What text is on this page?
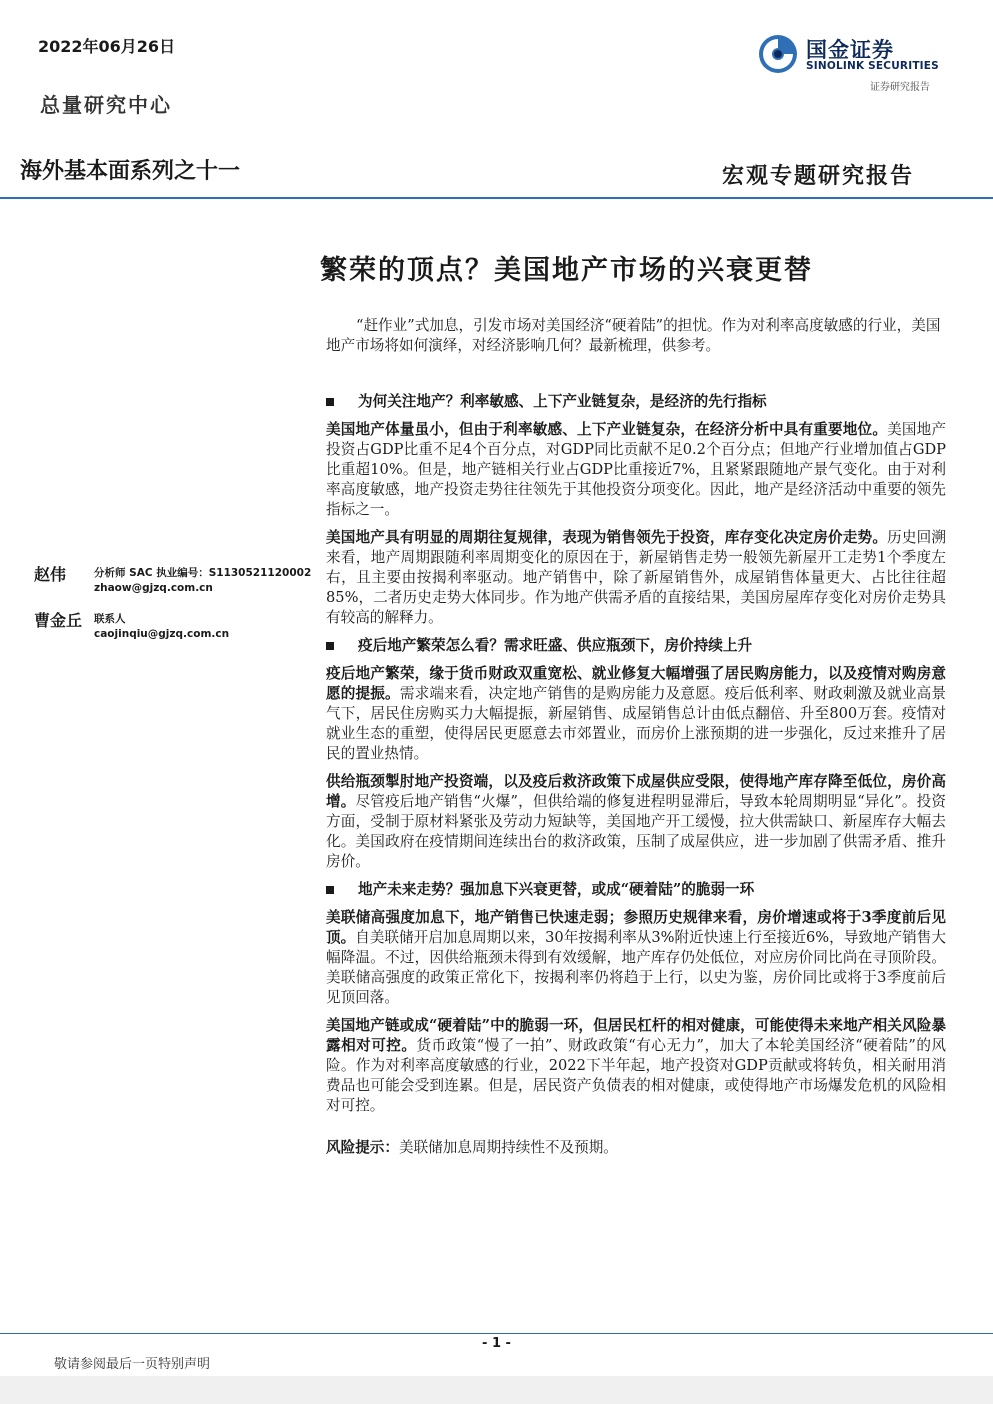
2022年06月26日
总量研究中心
海外基本面系列之十一	宏观专题研究报告
国金证券
SINOLINK SECURITIES
证券研究报告
繁荣的顶点？美国地产市场的兴衰更替
赵伟	分析师 SAC 执业编号：S1130521120002
zhaow@gjzq.com.cn
曹金丘	联系人
caojinqiu@gjzq.com.cn

“赶作业”式加息，引发市场对美国经济“硬着陆”的担忧。作为对利率高度敏感的行业，美国地产市场将如何演绎，对经济影响几何？最新梳理，供参考。

为何关注地产？利率敏感、上下产业链复杂，是经济的先行指标

美国地产体量虽小，但由于利率敏感、上下产业链复杂，在经济分析中具有重要地位。美国地产投资占GDP比重不足4个百分点，对GDP同比贡献不足0.2个百分点；但地产行业增加值占GDP比重超10%。但是，地产链相关行业占GDP比重接近7%，且紧紧跟随地产景气变化。由于对利率高度敏感，地产投资走势往往领先于其他投资分项变化。因此，地产是经济活动中重要的领先指标之一。

美国地产具有明显的周期往复规律，表现为销售领先于投资，库存变化决定房价走势。历史回溯来看，地产周期跟随利率周期变化的原因在于，新屋销售走势一般领先新屋开工走势1个季度左右，且主要由按揭利率驱动。地产销售中，除了新屋销售外，成屋销售体量更大、占比往往超85%，二者历史走势大体同步。作为地产供需矛盾的直接结果，美国房屋库存变化对房价走势具有较高的解释力。

疫后地产繁荣怎么看？需求旺盛、供应瓶颈下，房价持续上升

疫后地产繁荣，缘于货币财政双重宽松、就业修复大幅增强了居民购房能力，以及疫情对购房意愿的提振。需求端来看，决定地产销售的是购房能力及意愿。疫后低利率、财政刺激及就业高景气下，居民住房购买力大幅提振，新屋销售、成屋销售总计由低点翻倍、升至800万套。疫情对就业生态的重塑，使得居民更愿意去市郊置业，而房价上涨预期的进一步强化，反过来推升了居民的置业热情。

供给瓶颈掣肘地产投资端，以及疫后救济政策下成屋供应受限，使得地产库存降至低位，房价高增。尽管疫后地产销售“火爆”，但供给端的修复进程明显滞后，导致本轮周期明显“异化”。投资方面，受制于原材料紧张及劳动力短缺等，美国地产开工缓慢，拉大供需缺口、新屋库存大幅去化。美国政府在疫情期间连续出台的救济政策，压制了成屋供应，进一步加剧了供需矛盾、推升房价。

地产未来走势？强加息下兴衰更替，或成“硬着陆”的脆弱一环

美联储高强度加息下，地产销售已快速走弱；参照历史规律来看，房价增速或将于3季度前后见顶。自美联储开启加息周期以来，30年按揭利率从3%附近快速上行至接近6%，导致地产销售大幅降温。不过，因供给瓶颈未得到有效缓解，地产库存仍处低位，对应房价同比尚在寻顶阶段。美联储高强度的政策正常化下，按揭利率仍将趋于上行，以史为鉴，房价同比或将于3季度前后见顶回落。

美国地产链或成“硬着陆”中的脆弱一环，但居民杠杆的相对健康，可能使得未来地产相关风险暴露相对可控。货币政策“慢了一拍”、财政政策“有心无力”，加大了本轮美国经济“硬着陆”的风险。作为对利率高度敏感的行业，2022下半年起，地产投资对GDP贡献或将转负，相关耐用消费品也可能会受到连累。但是，居民资产负债表的相对健康，或使得地产市场爆发危机的风险相对可控。

风险提示：美联储加息周期持续性不及预期。

- 1 -
敬请参阅最后一页特别声明
